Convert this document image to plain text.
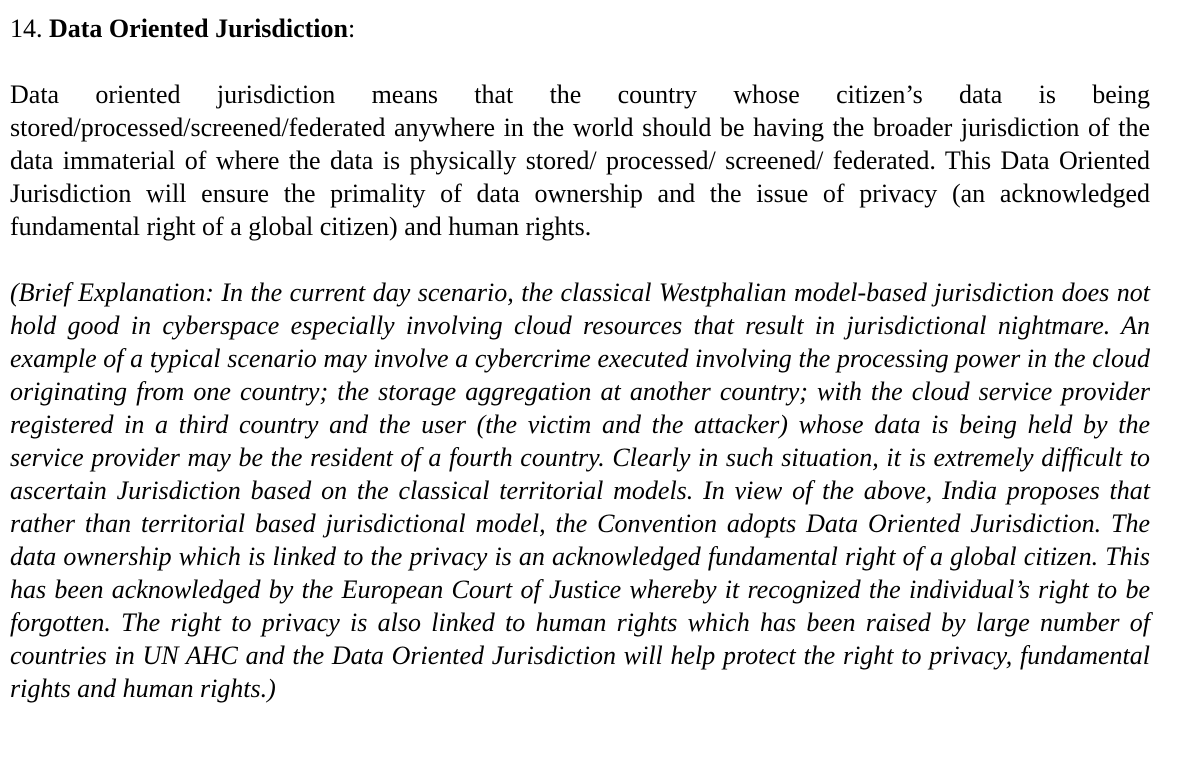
14. Data Oriented Jurisdiction:

Data oriented jurisdiction means that the country whose citizen’s data is being stored/processed/screened/federated anywhere in the world should be having the broader jurisdiction of the data immaterial of where the data is physically stored/ processed/ screened/ federated. This Data Oriented Jurisdiction will ensure the primality of data ownership and the issue of privacy (an acknowledged fundamental right of a global citizen) and human rights.

(Brief Explanation: In the current day scenario, the classical Westphalian model-based jurisdiction does not hold good in cyberspace especially involving cloud resources that result in jurisdictional nightmare. An example of a typical scenario may involve a cybercrime executed involving the processing power in the cloud originating from one country; the storage aggregation at another country; with the cloud service provider registered in a third country and the user (the victim and the attacker) whose data is being held by the service provider may be the resident of a fourth country. Clearly in such situation, it is extremely difficult to ascertain Jurisdiction based on the classical territorial models. In view of the above, India proposes that rather than territorial based jurisdictional model, the Convention adopts Data Oriented Jurisdiction. The data ownership which is linked to the privacy is an acknowledged fundamental right of a global citizen. This has been acknowledged by the European Court of Justice whereby it recognized the individual’s right to be forgotten. The right to privacy is also linked to human rights which has been raised by large number of countries in UN AHC and the Data Oriented Jurisdiction will help protect the right to privacy, fundamental rights and human rights.)
